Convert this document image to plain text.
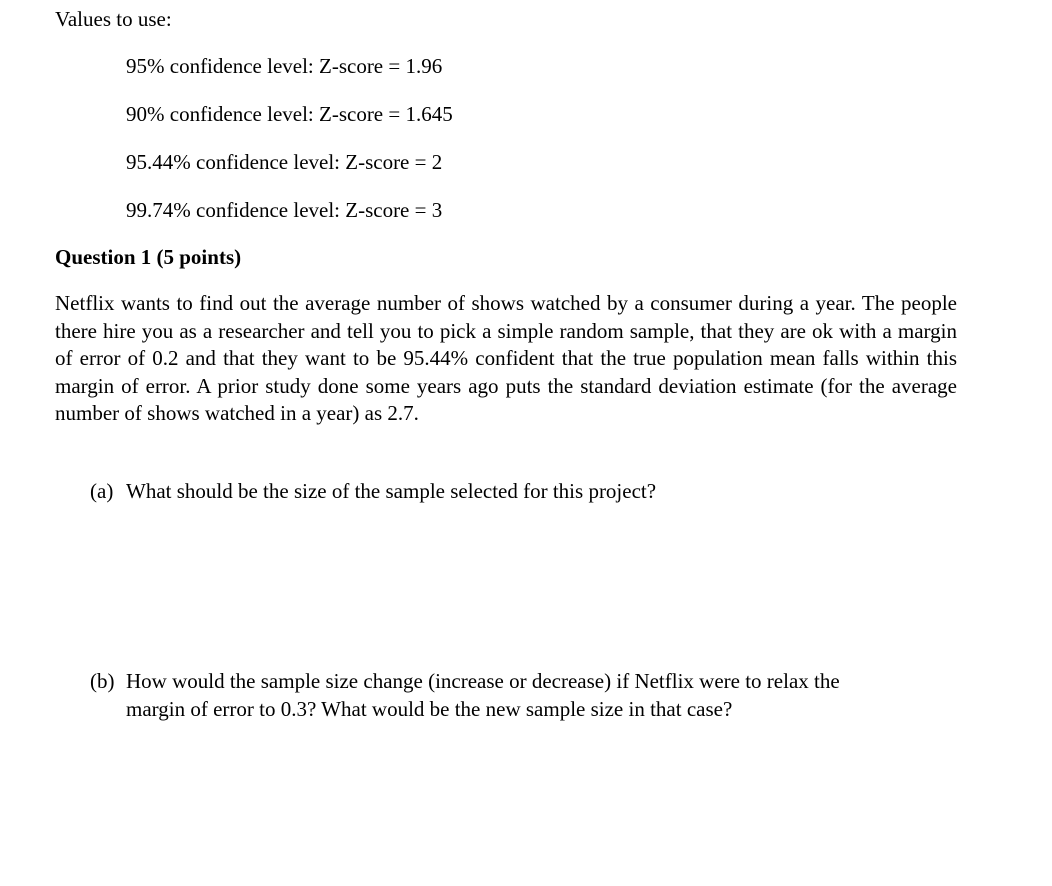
Values to use:

95% confidence level: Z-score = 1.96
90% confidence level: Z-score = 1.645
95.44% confidence level: Z-score = 2
99.74% confidence level: Z-score = 3
Question 1 (5 points)

Netflix wants to find out the average number of shows watched by a consumer during a year. The people there hire you as a researcher and tell you to pick a simple random sample, that they are ok with a margin of error of 0.2 and that they want to be 95.44% confident that the true population mean falls within this margin of error. A prior study done some years ago puts the standard deviation estimate (for the average number of shows watched in a year) as 2.7.

(a) What should be the size of the sample selected for this project?

(b) How would the sample size change (increase or decrease) if Netflix were to relax the
margin of error to 0.3? What would be the new sample size in that case?
